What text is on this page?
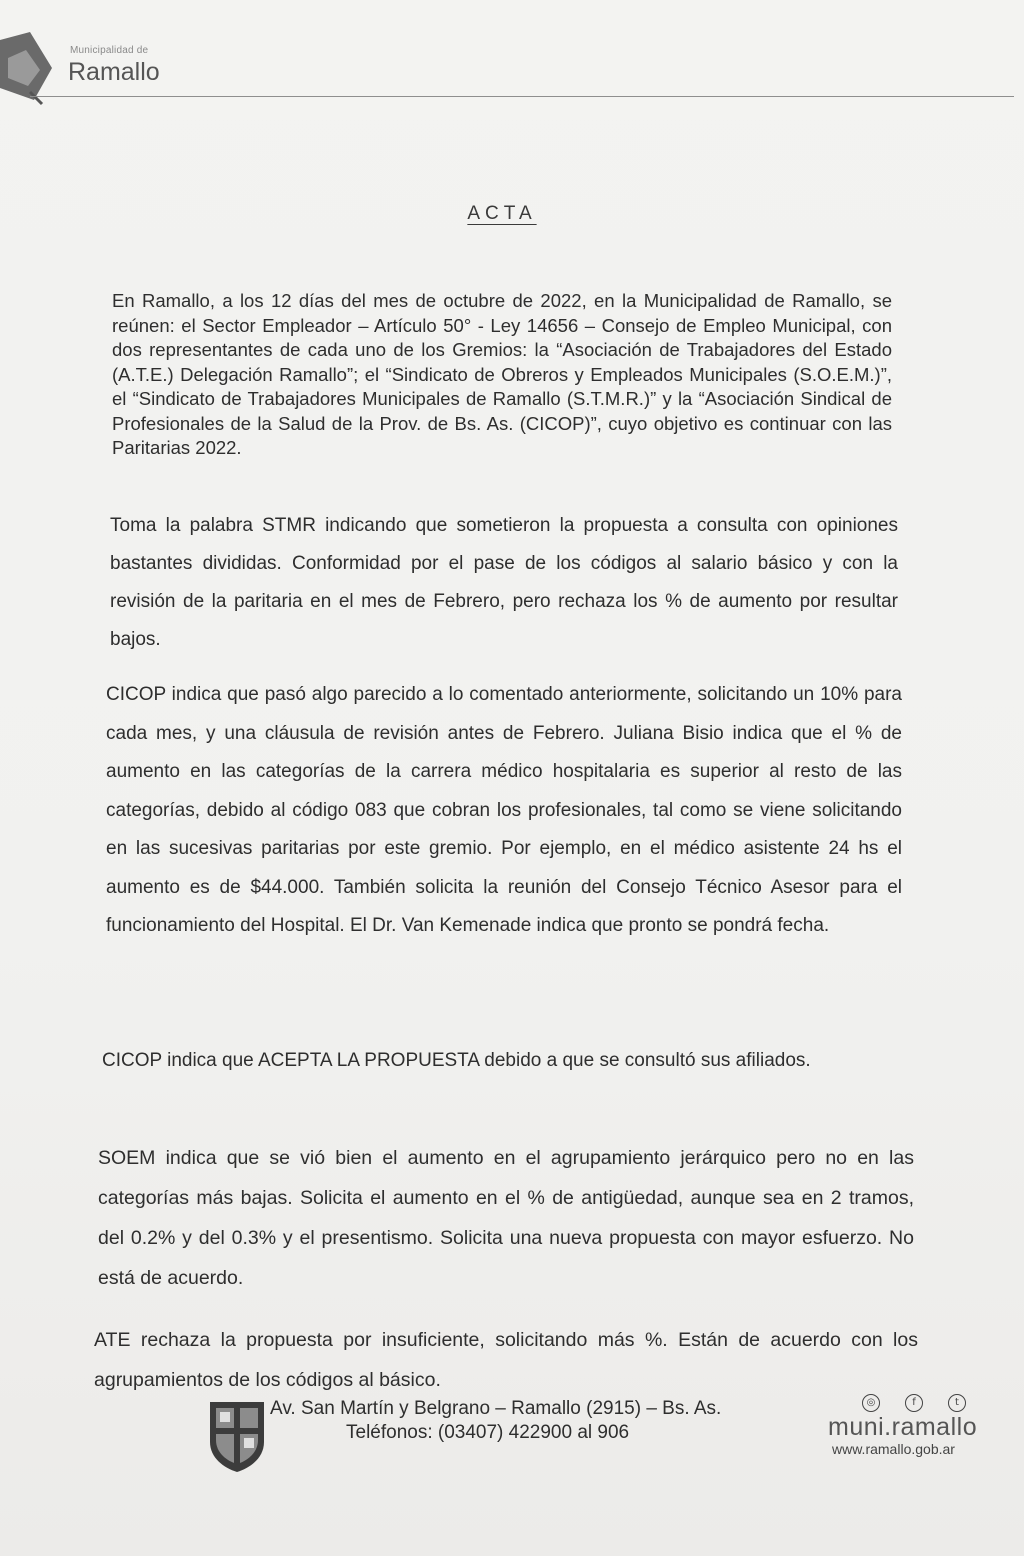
Municipalidad de
Ramallo
ACTA

En Ramallo, a los 12 días del mes de octubre de 2022, en la Municipalidad de Ramallo, se reúnen: el Sector Empleador – Artículo 50° - Ley 14656 – Consejo de Empleo Municipal, con dos representantes de cada uno de los Gremios: la “Asociación de Trabajadores del Estado (A.T.E.) Delegación Ramallo”; el “Sindicato de Obreros y Empleados Municipales (S.O.E.M.)”, el “Sindicato de Trabajadores Municipales de Ramallo (S.T.M.R.)” y la “Asociación Sindical de Profesionales de la Salud de la Prov. de Bs. As. (CICOP)”, cuyo objetivo es continuar con las Paritarias 2022.

Toma la palabra STMR indicando que sometieron la propuesta a consulta con opiniones bastantes divididas. Conformidad por el pase de los códigos al salario básico y con la revisión de la paritaria en el mes de Febrero, pero rechaza los % de aumento por resultar bajos.

CICOP indica que pasó algo parecido a lo comentado anteriormente, solicitando un 10% para cada mes, y una cláusula de revisión antes de Febrero. Juliana Bisio indica que el % de aumento en las categorías de la carrera médico hospitalaria es superior al resto de las categorías, debido al código 083 que cobran los profesionales, tal como se viene solicitando en las sucesivas paritarias por este gremio. Por ejemplo, en el médico asistente 24 hs el aumento es de $44.000. También solicita la reunión del Consejo Técnico Asesor para el funcionamiento del Hospital. El Dr. Van Kemenade indica que pronto se pondrá fecha.

CICOP indica que ACEPTA LA PROPUESTA debido a que se consultó sus afiliados.

SOEM indica que se vió bien el aumento en el agrupamiento jerárquico pero no en las categorías más bajas. Solicita el aumento en el % de antigüedad, aunque sea en 2 tramos, del 0.2% y del 0.3% y el presentismo. Solicita una nueva propuesta con mayor esfuerzo. No está de acuerdo.

ATE rechaza la propuesta por insuficiente, solicitando más %. Están de acuerdo con los agrupamientos de los códigos al básico.

Av. San Martín y Belgrano – Ramallo (2915) – Bs. As.
Teléfonos: (03407) 422900 al 906
◎	f	t
muni.ramallo
www.ramallo.gob.ar
